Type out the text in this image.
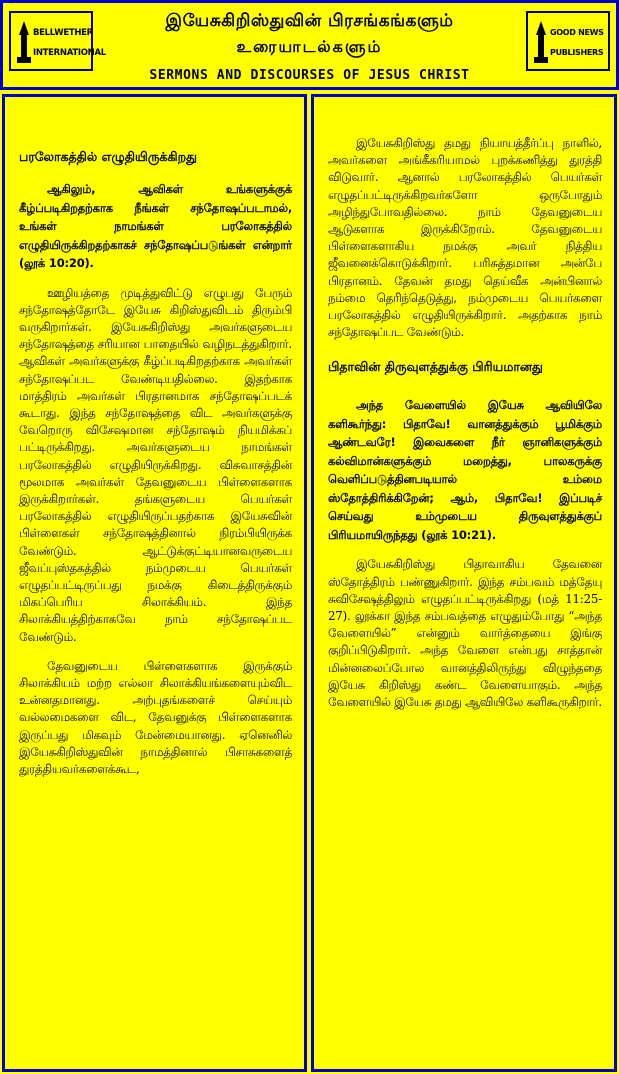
BELLWETHER
INTERNATIONAL
இயேசுகிறிஸ்துவின் பிரசங்கங்களும்
உரையாடல்களும்
SERMONS AND DISCOURSES OF JESUS CHRIST
GOOD NEWS
PUBLISHERS
பரலோகத்தில் எழுதியிருக்கிறது
ஆகிலும், ஆவிகள் உங்களுக்குக் கீழ்ப்படிகிறதற்காக நீங்கள் சந்தோஷப்படாமல், உங்கள் நாமங்கள் பரலோகத்தில் எழுதியிருக்கிறதற்காகச் சந்தோஷப்படுங்கள் என்றார் (லூக் 10:20).
ஊழியத்தை முடித்துவிட்டு எழுபது பேரும் சந்தோஷத்தோடே இயேசு கிறிஸ்துவிடம் திரும்பி வருகிறார்கள். இயேசுகிறிஸ்து அவர்களுடைய சந்தோஷத்தை சரியான பாதையில் வழிநடத்துகிறார். ஆவிகள் அவர்களுக்கு கீழ்ப்படிகிறதற்காக அவர்கள் சந்தோஷப்பட வேண்டியதில்லை. இதற்காக மாத்திரம் அவர்கள் பிரதானமாக சந்தோஷப்படக் கூடாது. இந்த சந்தோஷத்தை விட அவர்களுக்கு வேறொரு விசேஷமான சந்தோஷம் நியமிக்கப் பட்டிருக்கிறது. அவர்களுடைய நாமங்கள் பரலோகத்தில் எழுதியிருக்கிறது. விசுவாசத்தின் மூலமாக அவர்கள் தேவனுடைய பிள்ளைகளாக இருக்கிறார்கள். தங்களுடைய பெயர்கள் பரலோகத்தில் எழுதியிருப்பதற்காக இயேசுவின் பிள்ளைகள் சந்தோஷத்தினால் நிரம்பியிருக்க வேண்டும். ஆட்டுக்குட்டியானவருடைய ஜீவப்புஸ்தகத்தில் நம்முடைய பெயர்கள் எழுதப்பட்டிருப்பது நமக்கு கிடைத்திருக்கும் மிகப்பெரிய சிலாக்கியம். இந்த சிலாக்கியத்திற்காகவே நாம் சந்தோஷப்பட வேண்டும்.
தேவனுடைய பிள்ளைகளாக இருக்கும் சிலாக்கியம் மற்ற எல்லா சிலாக்கியங்களையும்விட உன்னதமானது. அற்புதங்களைச் செய்யும் வல்லமைகளை விட, தேவனுக்கு பிள்ளைகளாக இருப்பது மிகவும் மேன்மையானது. ஏனெனில் இயேசுகிறிஸ்துவின் நாமத்தினால் பிசாசுகளைத் துரத்தியவர்களைக்கூட,
இயேசுகிறிஸ்து தமது நியாயத்தீர்ப்பு நாளில், அவர்களை அங்கீகரியாமல் புறக்கணித்து துரத்தி விடுவார். ஆனால் பரலோகத்தில் பெயர்கள் எழுதப்பட்டிருக்கிறவர்களோ ஒருபோதும் அழிந்துபோவதில்லை. நாம் தேவனுடைய ஆடுகளாக இருக்கிறோம். தேவனுடைய பிள்ளைகளாகிய நமக்கு அவர் நித்திய ஜீவனைக்கொடுக்கிறார். பரிசுத்தமான அன்பே பிரதானம். தேவன் தமது தெய்வீக அன்பினால் நம்மை தெரிந்தெடுத்து, நம்முடைய பெயர்களை பரலோகத்தில் எழுதியிருக்கிறார். அதற்காக நாம் சந்தோஷப்பட வேண்டும்.
பிதாவின் திருவுளத்துக்கு பிரியமானது
அந்த வேளையில் இயேசு ஆவியிலே களிகூர்ந்து: பிதாவே! வானத்துக்கும் பூமிக்கும் ஆண்டவரே! இவைகளை நீர் ஞானிகளுக்கும் கல்விமான்களுக்கும் மறைத்து, பாலகருக்கு வெளிப்படுத்தினபடியால் உம்மை ஸ்தோத்திரிக்கிறேன்; ஆம், பிதாவே! இப்படிச் செய்வது உம்முடைய திருவுளத்துக்குப் பிரியமாயிருந்தது (லூக் 10:21).
இயேசுகிறிஸ்து பிதாவாகிய தேவனை ஸ்தோத்திரம் பண்ணுகிறார். இந்த சம்பவம் மத்தேயு சுவிசேஷத்திலும் எழுதப்பட்டிருக்கிறது (மத் 11:25-27). லூக்கா இந்த சம்பவத்தை எழுதும்போது “அந்த வேளையில்” என்னும் வார்த்தையை இங்கு குறிப்பிடுகிறார். அந்த வேளை என்பது சாத்தான் மின்னலைப்போல வானத்திலிருந்து விழுந்ததை இயேசு கிறிஸ்து கண்ட வேளையாகும். அந்த வேளையில் இயேசு தமது ஆவியிலே களிகூருகிறார்.
